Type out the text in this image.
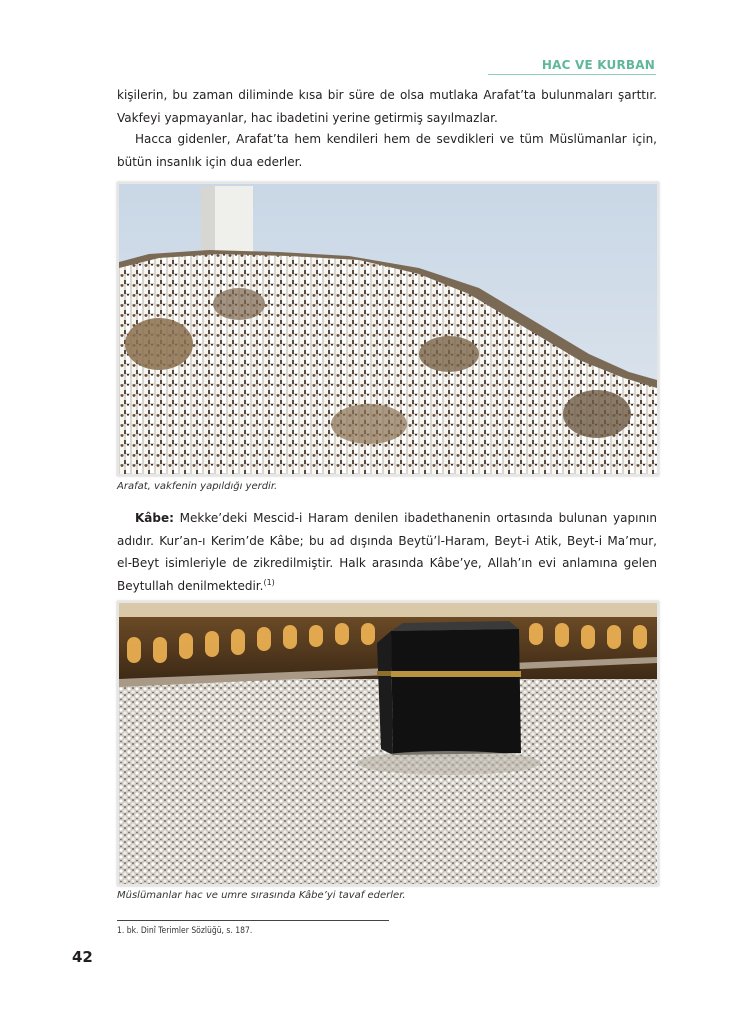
HAC VE KURBAN

kişilerin, bu zaman diliminde kısa bir süre de olsa mutlaka Arafat’ta bulunmaları şarttır. Vakfeyi yapmayanlar, hac ibadetini yerine getirmiş sayılmazlar.

Hacca gidenler, Arafat’ta hem kendileri hem de sevdikleri ve tüm Müslümanlar için, bütün insanlık için dua ederler.

Arafat, vakfenin yapıldığı yerdir.

Kâbe: Mekke’deki Mescid-i Haram denilen ibadethanenin ortasında bulunan yapının adıdır. Kur’an-ı Kerim’de Kâbe; bu ad dışında Beytü’l-Haram, Beyt-i Atik, Beyt-i Ma’mur, el-Beyt isimleriyle de zikredilmiştir. Halk arasında Kâbe’ye, Allah’ın evi anlamına gelen Beytullah denilmektedir.$^{(1)}$

Müslümanlar hac ve umre sırasında Kâbe’yi tavaf ederler.
1. bk. Dinî Terimler Sözlüğü, s. 187.
42
